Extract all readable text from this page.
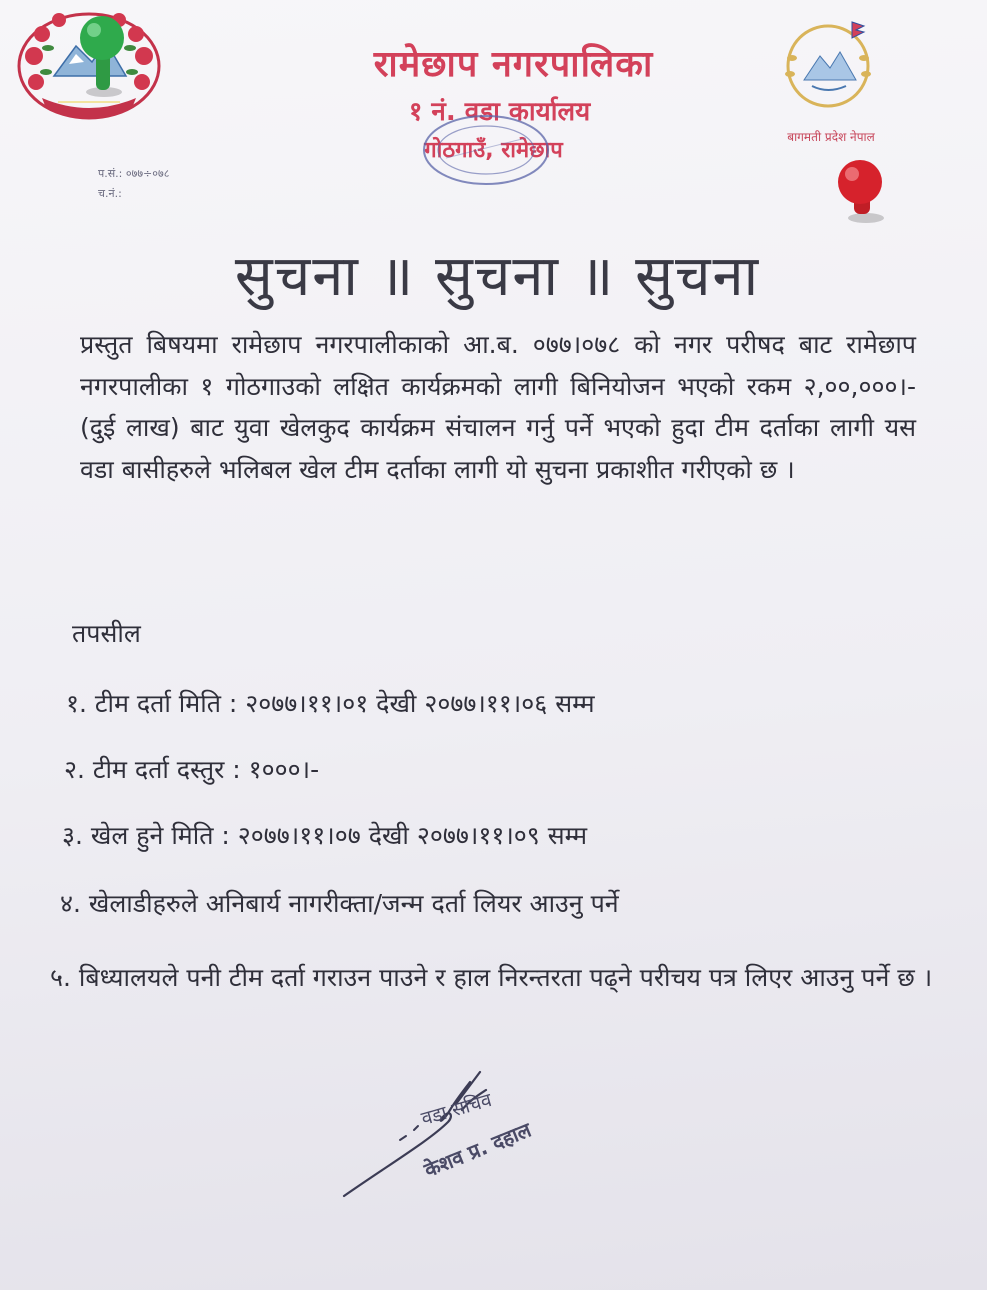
बागमती प्रदेश नेपाल
रामेछाप नगरपालिका
१ नं. वडा कार्यालय
गोठगाउँ, रामेछाप
प.सं.: ०७७÷०७८
च.नं.:
सुचना ॥ सुचना ॥ सुचना
प्रस्तुत बिषयमा रामेछाप नगरपालीकाको आ.ब. ०७७।०७८ को नगर परीषद बाट रामेछाप नगरपालीका १ गोठगाउको लक्षित कार्यक्रमको लागी बिनियोजन भएको रकम २,००,०००।- (दुई लाख) बाट युवा खेलकुद कार्यक्रम संचालन गर्नु पर्ने भएको हुदा टीम दर्ताका लागी यस वडा बासीहरुले भलिबल खेल टीम दर्ताका लागी यो सुचना प्रकाशीत गरीएको छ ।
तपसील
१. टीम दर्ता मिति : २०७७।११।०१ देखी २०७७।११।०६ सम्म
२. टीम दर्ता दस्तुर : १०००।-
३. खेल हुने मिति : २०७७।११।०७ देखी २०७७।११।०९ सम्म
४. खेलाडीहरुले अनिबार्य नागरीक्ता/जन्म दर्ता लियर आउनु पर्ने
५. बिध्यालयले पनी टीम दर्ता गराउन पाउने र हाल निरन्तरता पढ्ने परीचय पत्र लिएर आउनु पर्ने छ ।
वडा सचिव
केशव प्र. दहाल
